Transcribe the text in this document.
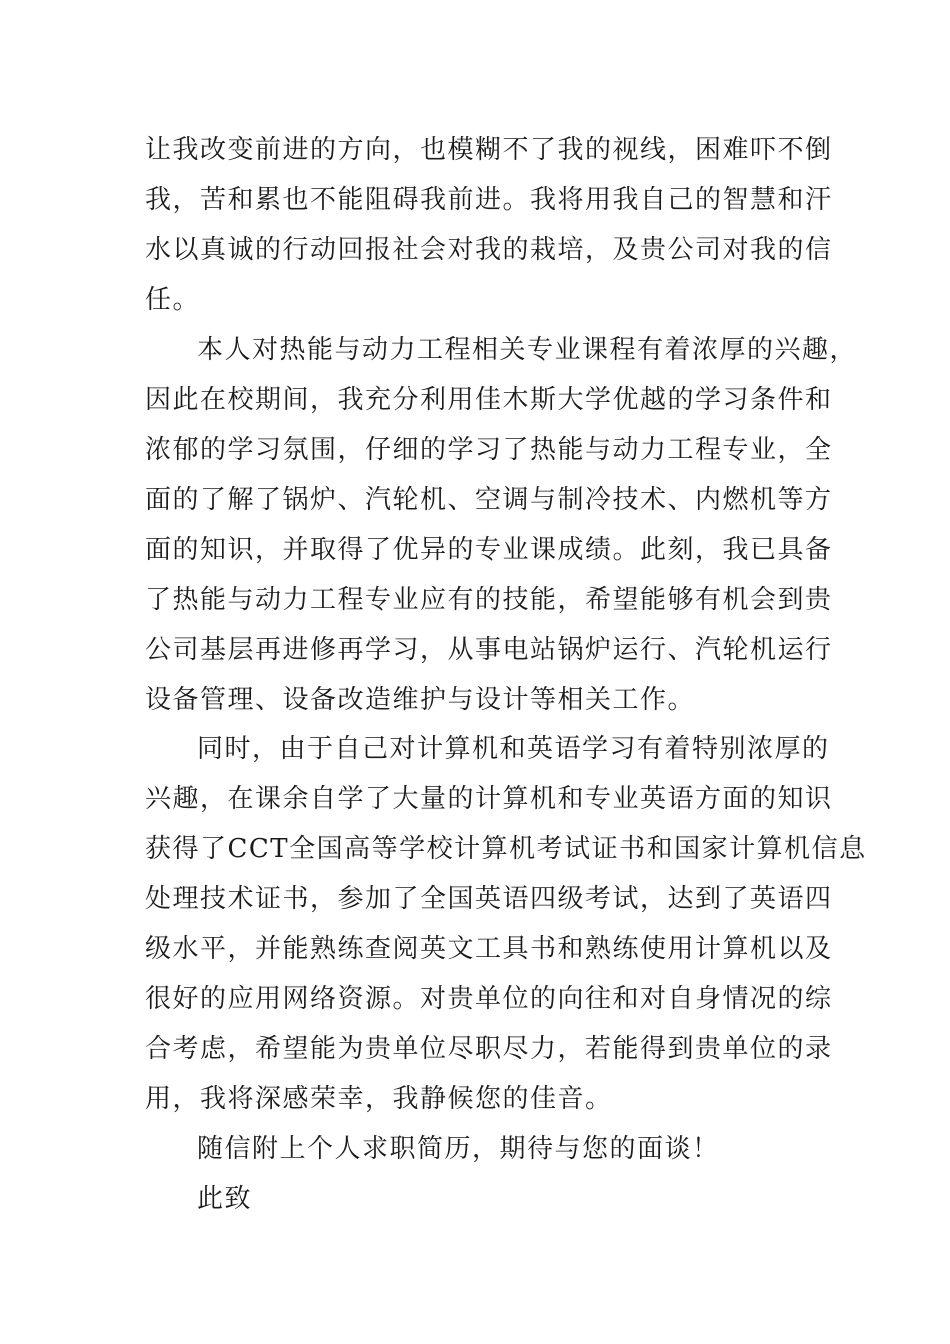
让我改变前进的方向，也模糊不了我的视线，困难吓不倒

我，苦和累也不能阻碍我前进。我将用我自己的智慧和汗

水以真诚的行动回报社会对我的栽培，及贵公司对我的信

任。

本人对热能与动力工程相关专业课程有着浓厚的兴趣，

因此在校期间，我充分利用佳木斯大学优越的学习条件和

浓郁的学习氛围，仔细的学习了热能与动力工程专业，全

面的了解了锅炉、汽轮机、空调与制冷技术、内燃机等方

面的知识，并取得了优异的专业课成绩。此刻，我已具备

了热能与动力工程专业应有的技能，希望能够有机会到贵

公司基层再进修再学习，从事电站锅炉运行、汽轮机运行

设备管理、设备改造维护与设计等相关工作。

同时，由于自己对计算机和英语学习有着特别浓厚的

兴趣，在课余自学了大量的计算机和专业英语方面的知识

获得了CCT全国高等学校计算机考试证书和国家计算机信息

处理技术证书，参加了全国英语四级考试，达到了英语四

级水平，并能熟练查阅英文工具书和熟练使用计算机以及

很好的应用网络资源。对贵单位的向往和对自身情况的综

合考虑，希望能为贵单位尽职尽力，若能得到贵单位的录

用，我将深感荣幸，我静候您的佳音。

随信附上个人求职简历，期待与您的面谈！

此致
